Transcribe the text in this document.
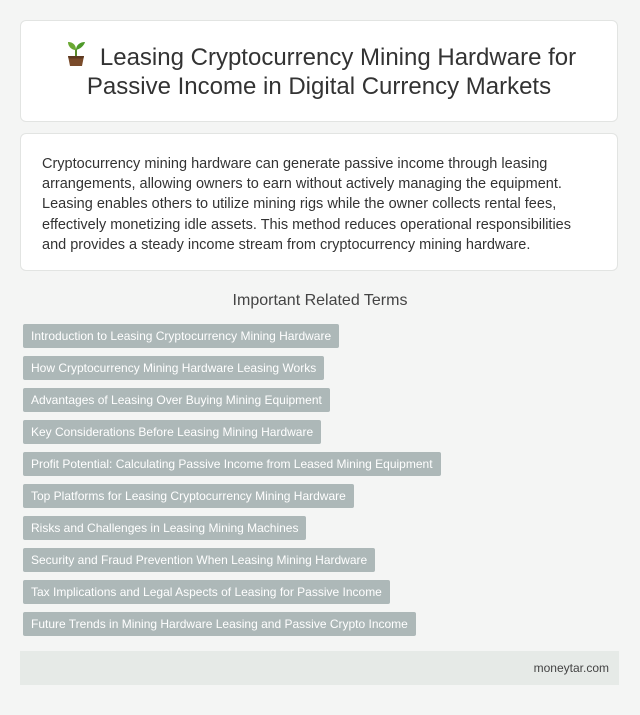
Leasing Cryptocurrency Mining Hardware for Passive Income in Digital Currency Markets

Cryptocurrency mining hardware can generate passive income through leasing arrangements, allowing owners to earn without actively managing the equipment. Leasing enables others to utilize mining rigs while the owner collects rental fees, effectively monetizing idle assets. This method reduces operational responsibilities and provides a steady income stream from cryptocurrency mining hardware.

Important Related Terms
Introduction to Leasing Cryptocurrency Mining Hardware
How Cryptocurrency Mining Hardware Leasing Works
Advantages of Leasing Over Buying Mining Equipment
Key Considerations Before Leasing Mining Hardware
Profit Potential: Calculating Passive Income from Leased Mining Equipment
Top Platforms for Leasing Cryptocurrency Mining Hardware
Risks and Challenges in Leasing Mining Machines
Security and Fraud Prevention When Leasing Mining Hardware
Tax Implications and Legal Aspects of Leasing for Passive Income
Future Trends in Mining Hardware Leasing and Passive Crypto Income
moneytar.com
